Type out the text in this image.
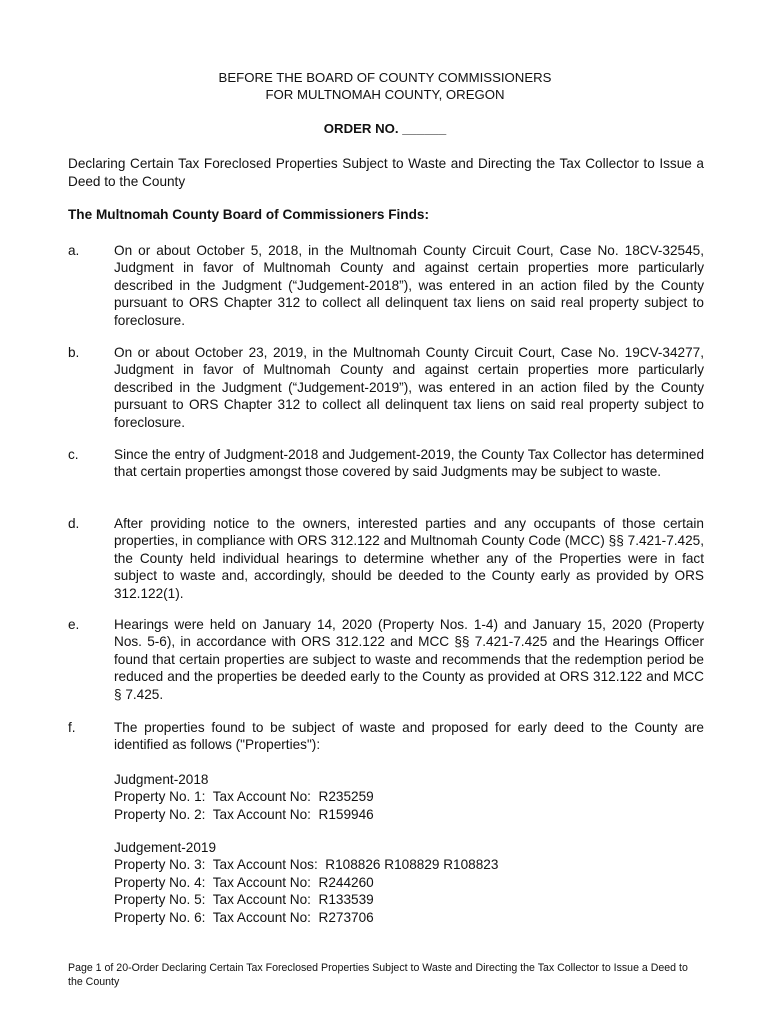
BEFORE THE BOARD OF COUNTY COMMISSIONERS
FOR MULTNOMAH COUNTY, OREGON
ORDER NO. ______
Declaring Certain Tax Foreclosed Properties Subject to Waste and Directing the Tax Collector to Issue a Deed to the County
The Multnomah County Board of Commissioners Finds:
a.	On or about October 5, 2018, in the Multnomah County Circuit Court, Case No. 18CV-32545, Judgment in favor of Multnomah County and against certain properties more particularly described in the Judgment (“Judgement-2018”), was entered in an action filed by the County pursuant to ORS Chapter 312 to collect all delinquent tax liens on said real property subject to foreclosure.
b.	On or about October 23, 2019, in the Multnomah County Circuit Court, Case No. 19CV-34277, Judgment in favor of Multnomah County and against certain properties more particularly described in the Judgment (“Judgement-2019”), was entered in an action filed by the County pursuant to ORS Chapter 312 to collect all delinquent tax liens on said real property subject to foreclosure.
c.	Since the entry of Judgment-2018 and Judgement-2019, the County Tax Collector has determined that certain properties amongst those covered by said Judgments may be subject to waste.
d.	After providing notice to the owners, interested parties and any occupants of those certain properties, in compliance with ORS 312.122 and Multnomah County Code (MCC) §§ 7.421-7.425, the County held individual hearings to determine whether any of the Properties were in fact subject to waste and, accordingly, should be deeded to the County early as provided by ORS 312.122(1).
e.	Hearings were held on January 14, 2020 (Property Nos. 1-4) and January 15, 2020 (Property Nos. 5-6), in accordance with ORS 312.122 and MCC §§ 7.421-7.425 and the Hearings Officer found that certain properties are subject to waste and recommends that the redemption period be reduced and the properties be deeded early to the County as provided at ORS 312.122 and MCC § 7.425.
f.	The properties found to be subject of waste and proposed for early deed to the County are identified as follows ("Properties"):
Judgment-2018
Property No. 1:  Tax Account No:  R235259
Property No. 2:  Tax Account No:  R159946
Judgement-2019
Property No. 3:  Tax Account Nos:  R108826 R108829 R108823
Property No. 4:  Tax Account No:  R244260
Property No. 5:  Tax Account No:  R133539
Property No. 6:  Tax Account No:  R273706
Page 1 of 20-Order Declaring Certain Tax Foreclosed Properties Subject to Waste and Directing the Tax Collector to Issue a Deed to the County
